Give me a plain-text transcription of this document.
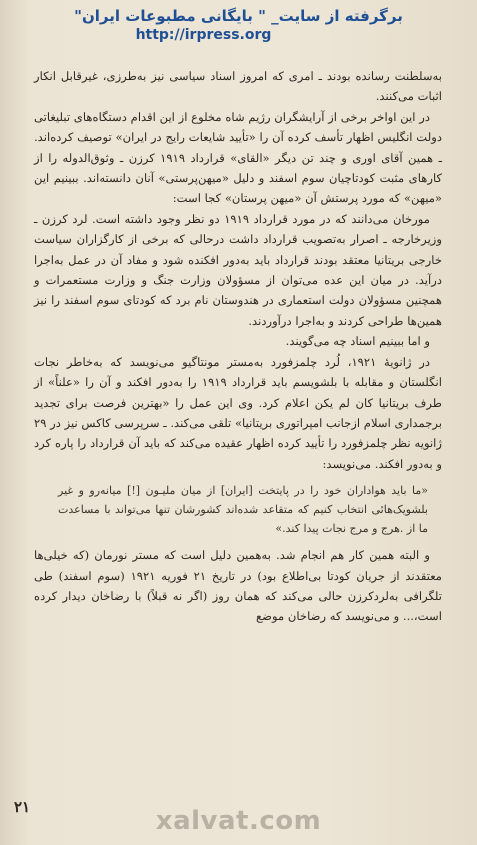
برگرفته از سایت_ " بایگانی مطبوعات ایران"
http://irpress.org

به‌سلطنت رسانده بودند ـ امری که امروز اسناد سیاسی نیز به‌طرزی، غیرقابل انکار اثبات می‌کنند.

در این اواخر برخی از آرایشگران رژیم شاه مخلوع از این اقدام دستگاه‌های تبلیغاتی دولت انگلیس اظهار تأسف کرده آن را «تأیید شایعات رایج در ایران» توصیف کرده‌اند. ـ همین آقای اوری و چند تن دیگر «القای» قرارداد ۱۹۱۹ کرزن ـ وثوق‌الدوله را از کارهای مثبت کودتاچیان سوم اسفند و دلیل «میهن‌پرستی» آنان دانسته‌اند. ببینیم این «میهن» که مورد پرستش آن «میهن پرستان» کجا است:

مورخان می‌دانند که در مورد قرارداد ۱۹۱۹ دو نظر وجود داشته است. لرد کرزن ـ وزیرخارجه ـ اصرار به‌تصویب قرارداد داشت درحالی که برخی از کارگزاران سیاست خارجی بریتانیا معتقد بودند قرارداد باید به‌دور افکنده شود و مفاد آن در عمل به‌اجرا درآید. در میان این عده می‌توان از مسؤولان وزارت جنگ و وزارت مستعمرات و همچنین مسؤولان دولت استعماری در هندوستان نام برد که کودتای سوم اسفند را نیز همین‌ها طراحی کردند و به‌اجرا درآوردند.

و اما ببینیم اسناد چه می‌گویند.

در ژانویهٔ ۱۹۲۱، لُرد چلمزفورد به‌مستر مونتاگیو می‌نویسد که به‌خاطر نجات انگلستان و مقابله با بلشویسم باید قرارداد ۱۹۱۹ را به‌دور افکند و آن را «علناً» از طرف بریتانیا کان لم یکن اعلام کرد. وی این عمل را «بهترین فرصت برای تجدید برجمداری اسلام ازجانب امپراتوری بریتانیا» تلقی می‌کند. ـ سرپرسی کاکس نیز در ۲۹ ژانویه نظر چلمزفورد را تأیید کرده اظهار عقیده می‌کند که باید آن قرارداد را پاره کرد و به‌دور افکند. می‌نویسد:

«ما باید هواداران خود را در پایتخت [ایران] از میان ملیـون [!] میانه‌رو و غیر بلشویک‌هائی انتخاب کنیم که متقاعد شده‌اند کشورشان تنها می‌تواند با مساعدت ما از .هرج و مرج نجات پیدا کند.»

و البته همین کار هم انجام شد. به‌همین دلیل است که مستر نورمان (که خیلی‌ها معتقدند از جریان کودتا بی‌اطلاع بود) در تاریخ ۲۱ فوریه ۱۹۲۱ (سوم اسفند) طی تلگرافی به‌لردکرزن حالی می‌کند که همان روز (اگر نه قبلاً) با رضاخان دیدار کرده است،... و می‌نویسد که رضاخان موضع

۲۱	xalvat.com
